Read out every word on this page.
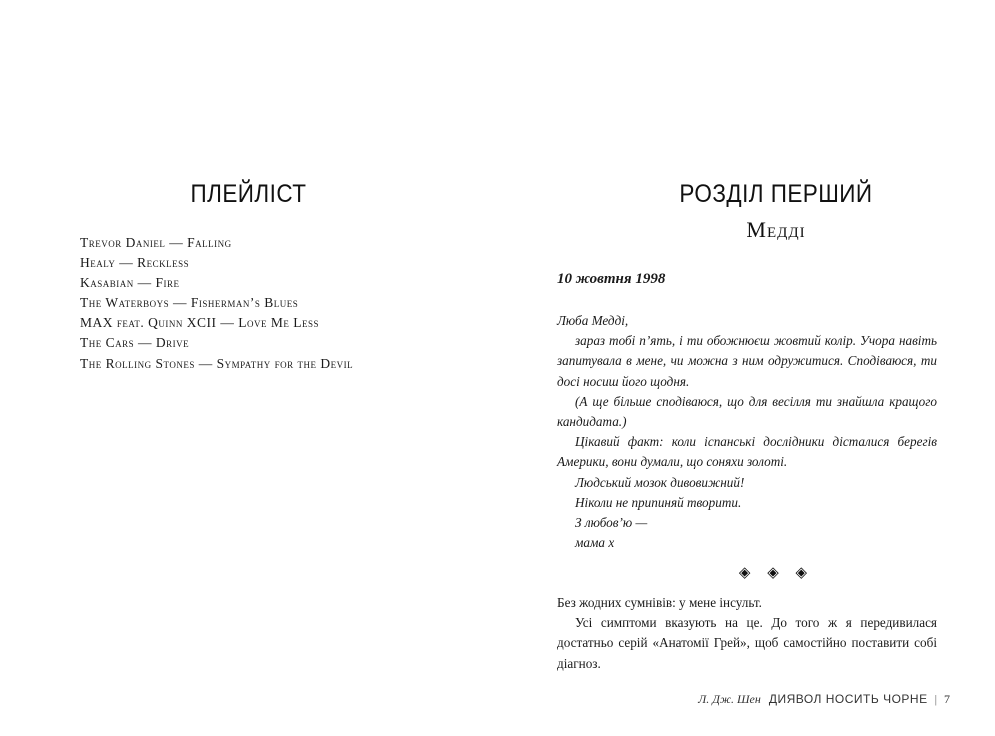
ПЛЕЙЛІСТ
Trevor Daniel — Falling
Healy — Reckless
Kasabian — Fire
The Waterboys — Fisherman’s Blues
MAX feat. Quinn XCII — Love Me Less
The Cars — Drive
The Rolling Stones — Sympathy for the Devil
РОЗДІЛ ПЕРШИЙ
Медді
10 жовтня 1998

Люба Медді,

зараз тобі п’ять, і ти обожнюєш жовтий колір. Учора навіть запитувала в мене, чи можна з ним одружитися. Сподіваюся, ти досі носиш його щодня.

(А ще більше сподіваюся, що для весілля ти знайшла кращого кандидата.)

Цікавий факт: коли іспанські дослідники дісталися берегів Америки, вони думали, що соняхи золоті.

Людський мозок дивовижний!

Ніколи не припиняй творити.

З любов’ю —

мама х

◈ ◈ ◈

Без жодних сумнівів: у мене інсульт.

Усі симптоми вказують на це. До того ж я передивилася достатньо серій «Анатомії Грей», щоб самостійно поставити собі діагноз.

Л. Дж. Шен ДИЯВОЛ НОСИТЬ ЧОРНЕ | 7
